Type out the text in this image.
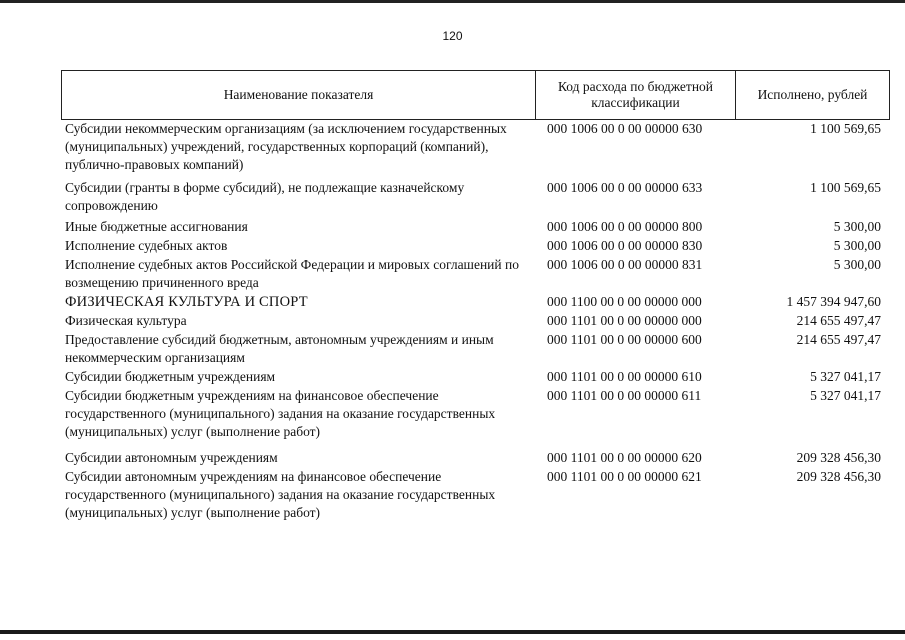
120
Наименование показателя
Код расхода по бюджетной классификации
Исполнено, рублей
Субсидии некоммерческим организациям (за исключением государственных (муниципальных) учреждений, государственных корпораций (компаний), публично-правовых компаний)
000 1006 00 0 00 00000 630	1 100 569,65
Субсидии (гранты в форме субсидий), не подлежащие казначейскому сопровождению
000 1006 00 0 00 00000 633	1 100 569,65
Иные бюджетные ассигнования	000 1006 00 0 00 00000 800	5 300,00
Исполнение судебных актов	000 1006 00 0 00 00000 830	5 300,00
Исполнение судебных актов Российской Федерации и мировых соглашений по возмещению причиненного вреда
000 1006 00 0 00 00000 831	5 300,00
ФИЗИЧЕСКАЯ КУЛЬТУРА И СПОРТ	000 1100 00 0 00 00000 000	1 457 394 947,60
Физическая культура	000 1101 00 0 00 00000 000	214 655 497,47
Предоставление субсидий бюджетным, автономным учреждениям и иным некоммерческим организациям
000 1101 00 0 00 00000 600	214 655 497,47
Субсидии бюджетным учреждениям	000 1101 00 0 00 00000 610	5 327 041,17
Субсидии бюджетным учреждениям на финансовое обеспечение государственного (муниципального) задания на оказание государственных (муниципальных) услуг (выполнение работ)
000 1101 00 0 00 00000 611	5 327 041,17
Субсидии автономным учреждениям	000 1101 00 0 00 00000 620	209 328 456,30
Субсидии автономным учреждениям на финансовое обеспечение государственного (муниципального) задания на оказание государственных (муниципальных) услуг (выполнение работ)
000 1101 00 0 00 00000 621	209 328 456,30
